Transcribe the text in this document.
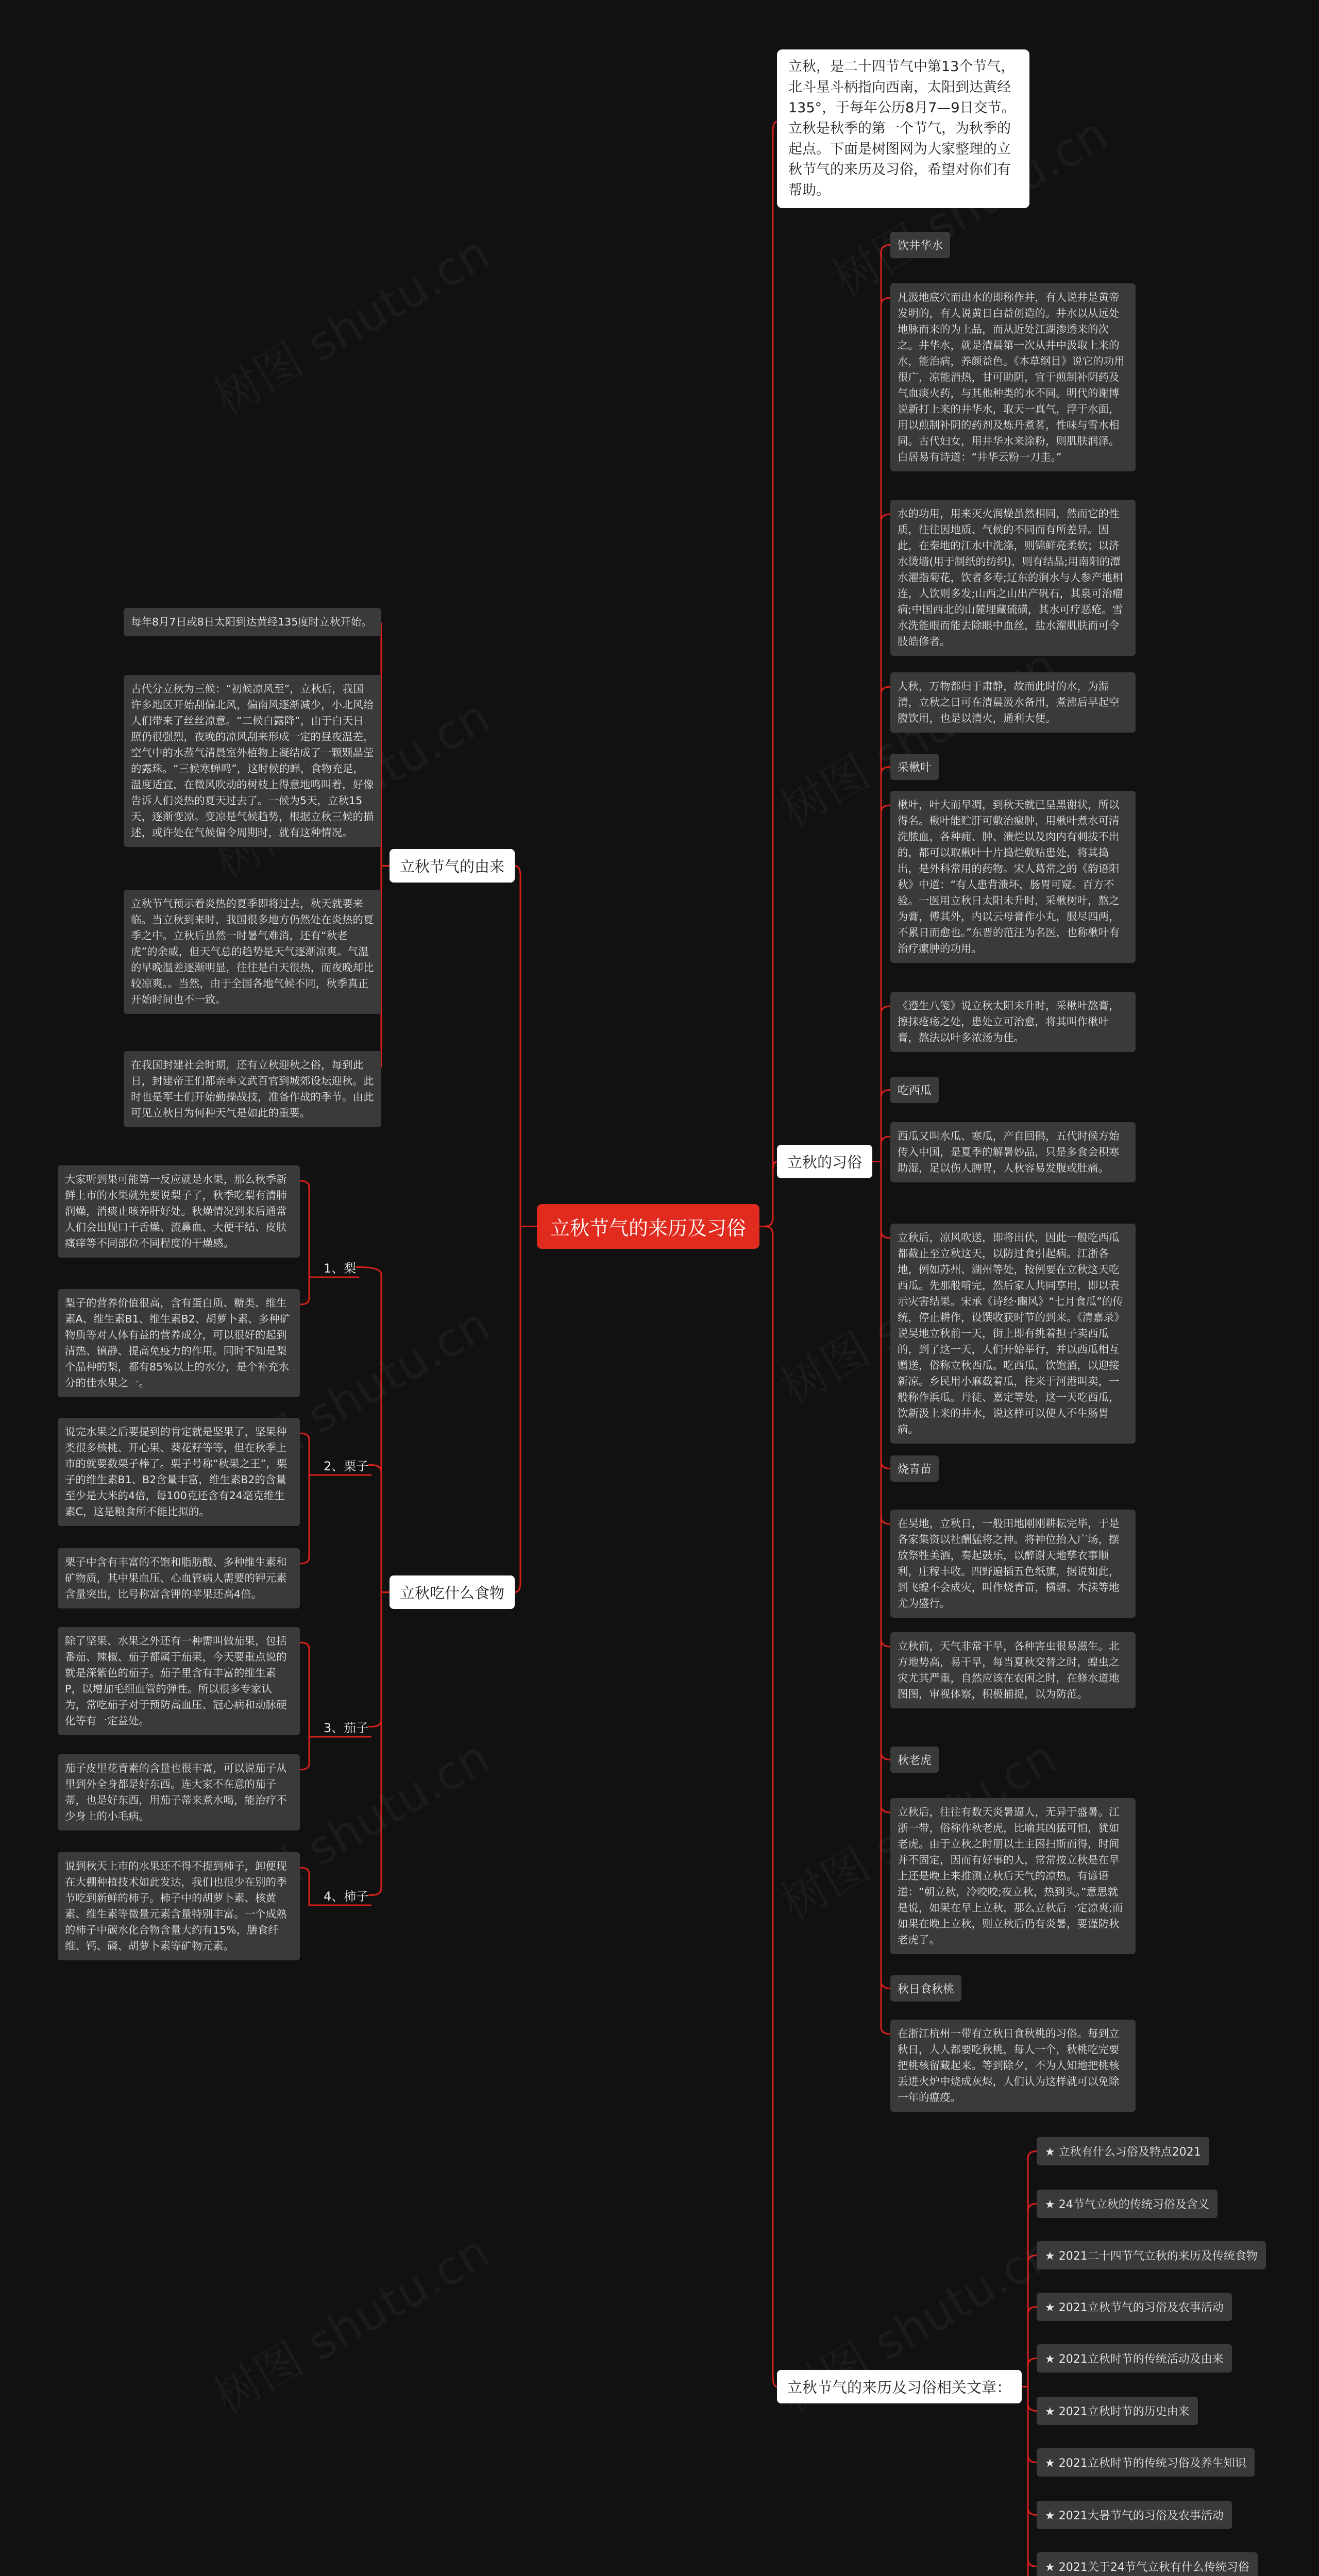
立秋节气的来历及习俗
立秋，是二十四节气中第13个节气，北斗星斗柄指向西南，太阳到达黄经135°，于每年公历8月7—9日交节。立秋是秋季的第一个节气，为秋季的起点。下面是树图网为大家整理的立秋节气的来历及习俗，希望对你们有帮助。
立秋节气的由来
每年8月7日或8日太阳到达黄经135度时立秋开始。
古代分立秋为三候：“初候凉风至”，立秋后，我国许多地区开始刮偏北风，偏南风逐渐减少，小北风给人们带来了丝丝凉意。“二候白露降”，由于白天日照仍很强烈，夜晚的凉风刮来形成一定的昼夜温差，空气中的水蒸气清晨室外植物上凝结成了一颗颗晶莹的露珠。“三候寒蝉鸣”，这时候的蝉，食物充足，温度适宜，在微风吹动的树枝上得意地鸣叫着，好像告诉人们炎热的夏天过去了。一候为5天，立秋15天，逐渐变凉。变凉是气候趋势，根据立秋三候的描述，或许处在气候偏令周期时，就有这种情况。
立秋节气预示着炎热的夏季即将过去，秋天就要来临。当立秋到来时，我国很多地方仍然处在炎热的夏季之中。立秋后虽然一时暑气难消，还有“秋老虎”的余威，但天气总的趋势是天气逐渐凉爽。气温的早晚温差逐渐明显，往往是白天很热，而夜晚却比较凉爽。。当然，由于全国各地气候不同，秋季真正开始时间也不一致。
在我国封建社会时期，还有立秋迎秋之俗，每到此日，封建帝王们都亲率文武百官到城郊设坛迎秋。此时也是军士们开始勤操战技，准备作战的季节。由此可见立秋日为何种天气是如此的重要。
立秋吃什么食物
1、梨
大家听到果可能第一反应就是水果，那么秋季新鲜上市的水果就先要说梨子了，秋季吃梨有清肺润燥，消痰止咳养肝好处。秋燥情况到来后通常人们会出现口干舌燥、流鼻血、大便干结、皮肤瘙痒等不同部位不同程度的干燥感。
梨子的营养价值很高，含有蛋白质、糖类、维生素A、维生素B1、维生素B2、胡萝卜素、多种矿物质等对人体有益的营养成分，可以很好的起到清热、镇静、提高免疫力的作用。同时不知是梨个品种的梨，都有85%以上的水分，是个补充水分的佳水果之一。
2、栗子
说完水果之后要提到的肯定就是坚果了，坚果种类很多核桃、开心果、葵花籽等等，但在秋季上市的就要数栗子棒了。栗子号称“秋果之王”，栗子的维生素B1、B2含量丰富，维生素B2的含量至少是大米的4倍，每100克还含有24毫克维生素C，这是粮食所不能比拟的。
栗子中含有丰富的不饱和脂肪酸、多种维生素和矿物质，其中果血压、心血管病人需要的钾元素含量突出，比号称富含钾的苹果还高4倍。
3、茄子
除了坚果、水果之外还有一种需叫做茄果，包括番茄、辣椒、茄子都属于茄果，今天要重点说的就是深紫色的茄子。茄子里含有丰富的维生素P，以增加毛细血管的弹性。所以很多专家认为，常吃茄子对于预防高血压、冠心病和动脉硬化等有一定益处。
茄子皮里花青素的含量也很丰富，可以说茄子从里到外全身都是好东西。连大家不在意的茄子蒂，也是好东西，用茄子蒂来煮水喝，能治疗不少身上的小毛病。
4、柿子
说到秋天上市的水果还不得不提到柿子，卸便现在大棚种植技术如此发达，我们也很少在别的季节吃到新鲜的柿子。柿子中的胡萝卜素、核黄素、维生素等微量元素含量特别丰富。一个成熟的柿子中碳水化合物含量大约有15%，膳食纤维、钙、磷、胡萝卜素等矿物元素。
立秋的习俗
饮井华水
凡汲地底穴而出水的即称作井，有人说井是黄帝发明的，有人说黄日白益创造的。井水以从远处地脉而来的为上品，而从近处江湖渗透来的次之。井华水，就是清晨第一次从井中汲取上来的水，能治病，养颜益色。《本草纲目》说它的功用很广，凉能消热，甘可助阴，宜于煎制补阴药及气血痰火药，与其他种类的水不同。明代的谢博说新打上来的井华水，取天一真气，浮于水面，用以煎制补阴的药剂及炼丹煮茗，性味与雪水相同。古代妇女，用井华水来涂粉，则肌肤润泽。白居易有诗道：“井华云粉一刀圭。”
水的功用，用来灭火润燥虽然相同，然而它的性质，往往因地质、气候的不同而有所差异。因此，在秦地的江水中洗涤，则锦鲜亮柔软；以济水烫墙(用于制纸的纺织)，则有结晶;用南阳的潭水濯指菊花，饮者多寿;辽东的涧水与人参产地相连，人饮则多发;山西之山出产矾石，其泉可治瘤病;中国西北的山麓埋藏硫磺，其水可疗恶疮。雪水洗能眼而能去除眼中血丝，盐水濯肌肤而可令肢皓修者。
人秋，万物都归于肃静，故而此时的水，为湿清，立秋之日可在清晨汲水备用，煮沸后早起空腹饮用，也是以清火，通利大便。
采楸叶
楸叶，叶大而早凋，到秋天就已呈黑谢状，所以得名。楸叶能贮肝可敷治瘰肿，用楸叶煮水可清洗脓血，各种痈、肿、溃烂以及肉内有刺拔不出的，都可以取楸叶十片捣烂敷贴患处，将其捣出，是外科常用的药物。宋人葛常之的《韵语阳秋》中道：“有人患背溃坏，肠胃可窥。百方不验。一医用立秋日太阳未升时，采楸树叶，熬之为膏，傅其外，内以云母膏作小丸，服尽四两，不累日而愈也。”东晋的范汪为名医，也称楸叶有治疗瘰肿的功用。
《遵生八笺》说立秋太阳未升时，采楸叶熬膏，擦抹疮疡之处，患处立可治愈，将其叫作楸叶膏，熬法以叶多浓汤为佳。
吃西瓜
西瓜又叫水瓜、寒瓜，产自回鹘，五代时候方始传入中国，是夏季的解暑妙品，只是多食会积寒助湿，足以伤人脾胃，人秋容易发腹或肚痛。
立秋后，凉风吹送，即将出伏，因此一般吃西瓜都截止至立秋这天，以防过食引起病。江浙各地，例如苏州、湖州等处，按例要在立秋这天吃西瓜。先那般啃完，然后家人共同享用，即以表示灾害结果。宋承《诗经·豳风》“七月食瓜”的传统，停止耕作，设馔收获时节的到来。《清嘉录》说吴地立秋前一天，街上即有挑着担子卖西瓜的，到了这一天，人们开始举行，并以西瓜相互赠送，俗称立秋西瓜。吃西瓜，饮饱酒，以迎接新凉。乡民用小麻截着瓜，往来于河港叫卖，一般称作浜瓜。丹徒、嘉定等处，这一天吃西瓜，饮新汲上来的井水，说这样可以使人不生肠胃病。
烧青苗
在吴地，立秋日，一般田地刚刚耕耘完毕，于是各家集资以社酬猛将之神。将神位抬入广场，摆放祭牲美酒，奏起鼓乐，以醉谢天地孳衣事顺利，庄稼丰收。四野遍插五色纸旗，据说如此，到飞蝗不会成灾，叫作烧青苗，横塘、木渎等地尤为盛行。
立秋前，天气非常干旱，各种害虫很易滋生。北方地势高，易干旱，每当夏秋交替之时，蝗虫之灾尤其严重，自然应该在农闲之时，在修水道地图图，审视体察，积极捕捉，以为防范。
秋老虎
立秋后，往往有数天炎暑逼人，无异于盛暑。江浙一带，俗称作秋老虎，比喻其凶猛可怕，犹如老虎。由于立秋之时朋以土主困扫斯而得，时间并不固定，因而有好事的人，常常按立秋是在早上还是晚上来推测立秋后天气的凉热。有谚语道：“朝立秋，冷咬咬;夜立秋，热到头。”意思就是说，如果在早上立秋，那么立秋后一定凉爽;而如果在晚上立秋，则立秋后仍有炎暑，要谨防秋老虎了。
秋日食秋桃
在浙江杭州一带有立秋日食秋桃的习俗。每到立秋日，人人都要吃秋桃，每人一个，秋桃吃完要把桃核留藏起来。等到除夕，不为人知地把桃核丢进火炉中烧成灰烬，人们认为这样就可以免除一年的瘟疫。
立秋节气的来历及习俗相关文章：
★ 立秋有什么习俗及特点2021
★ 24节气立秋的传统习俗及含义
★ 2021二十四节气立秋的来历及传统食物
★ 2021立秋节气的习俗及农事活动
★ 2021立秋时节的传统活动及由来
★ 2021立秋时节的历史由来
★ 2021立秋时节的传统习俗及养生知识
★ 2021大暑节气的习俗及农事活动
★ 2021关于24节气立秋有什么传统习俗
